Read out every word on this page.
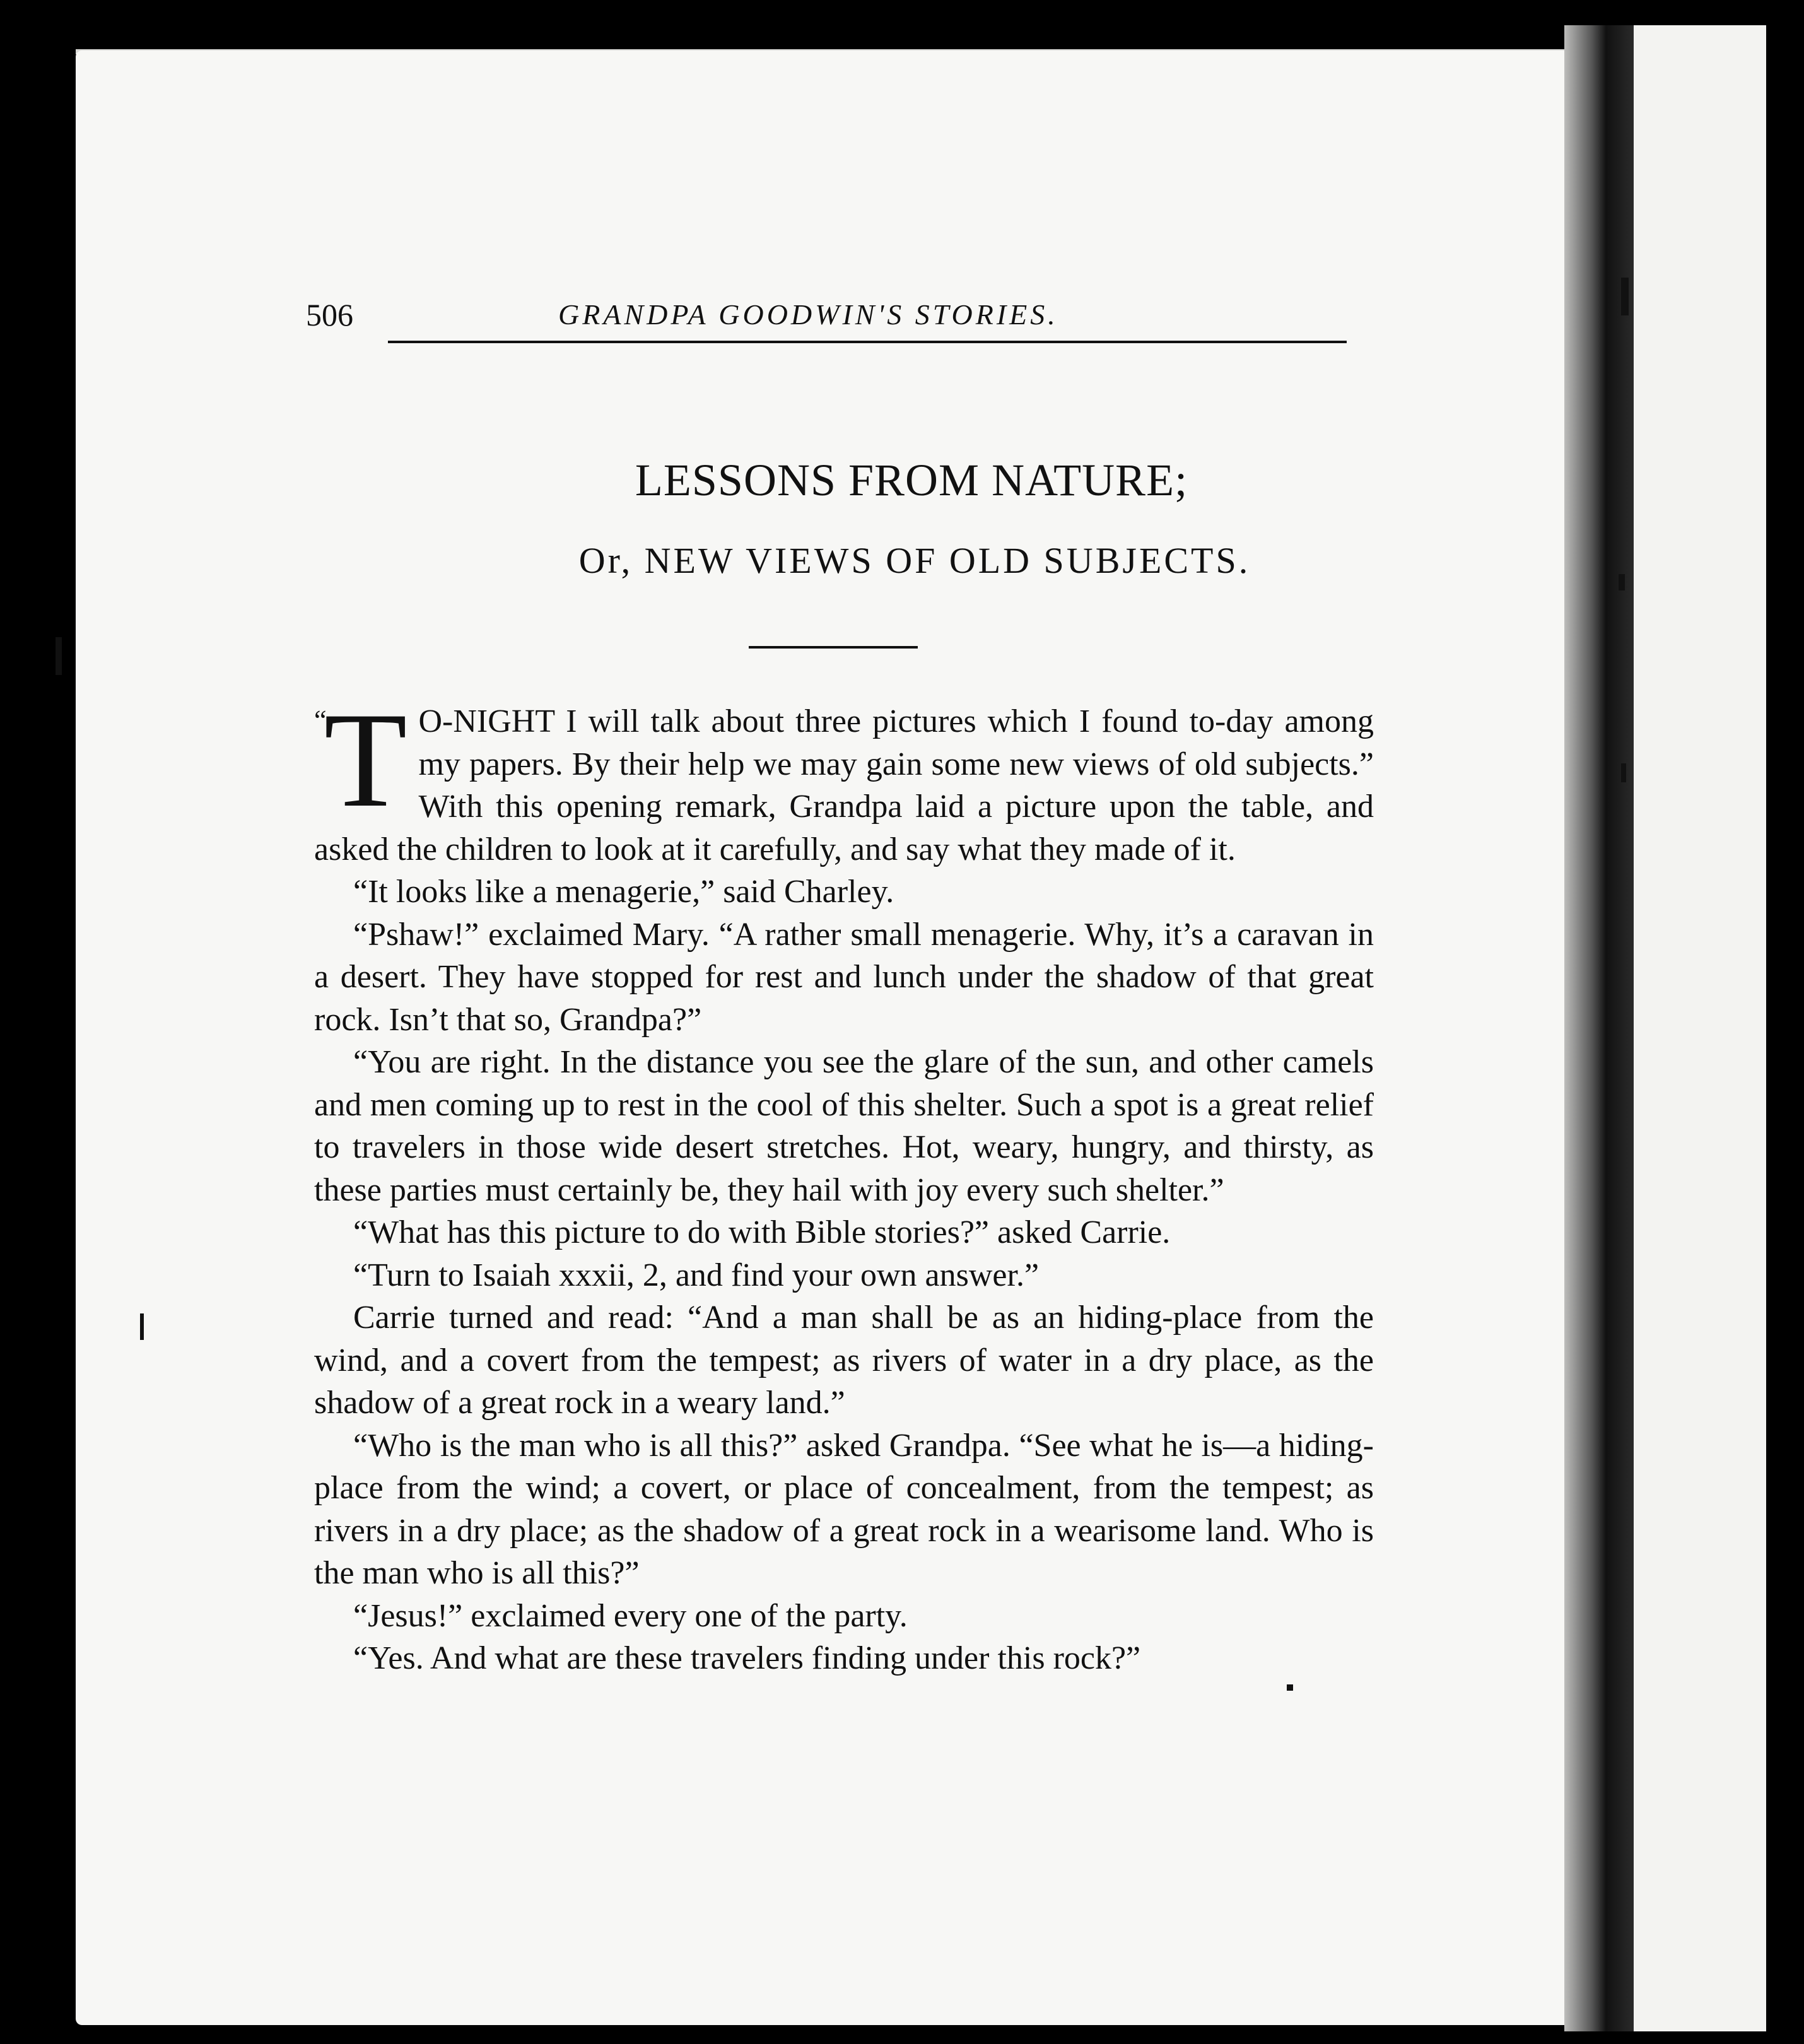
506	GRANDPA GOODWIN'S STORIES.
LESSONS FROM NATURE;
Or, NEW VIEWS OF OLD SUBJECTS.

“
T O-NIGHT I will talk about three pictures which I found to-day among my papers. By their help we may gain some new views of old subjects.” With this opening remark, Grandpa laid a picture upon the table, and asked the children to look at it carefully, and say what they made of it.

“It looks like a menagerie,” said Charley.

“Pshaw!” exclaimed Mary. “A rather small menagerie. Why, it’s a caravan in a desert. They have stopped for rest and lunch under the shadow of that great rock. Isn’t that so, Grandpa?”

“You are right. In the distance you see the glare of the sun, and other camels and men coming up to rest in the cool of this shelter. Such a spot is a great relief to travelers in those wide desert stretches. Hot, weary, hungry, and thirsty, as these parties must certainly be, they hail with joy every such shelter.”

“What has this picture to do with Bible stories?” asked Carrie.

“Turn to Isaiah xxxii, 2, and find your own answer.”

Carrie turned and read: “And a man shall be as an hiding-place from the wind, and a covert from the tempest; as rivers of water in a dry place, as the shadow of a great rock in a weary land.”

“Who is the man who is all this?” asked Grandpa. “See what he is—a hiding-place from the wind; a covert, or place of concealment, from the tempest; as rivers in a dry place; as the shadow of a great rock in a wearisome land. Who is the man who is all this?”

“Jesus!” exclaimed every one of the party.

“Yes. And what are these travelers finding under this rock?”
